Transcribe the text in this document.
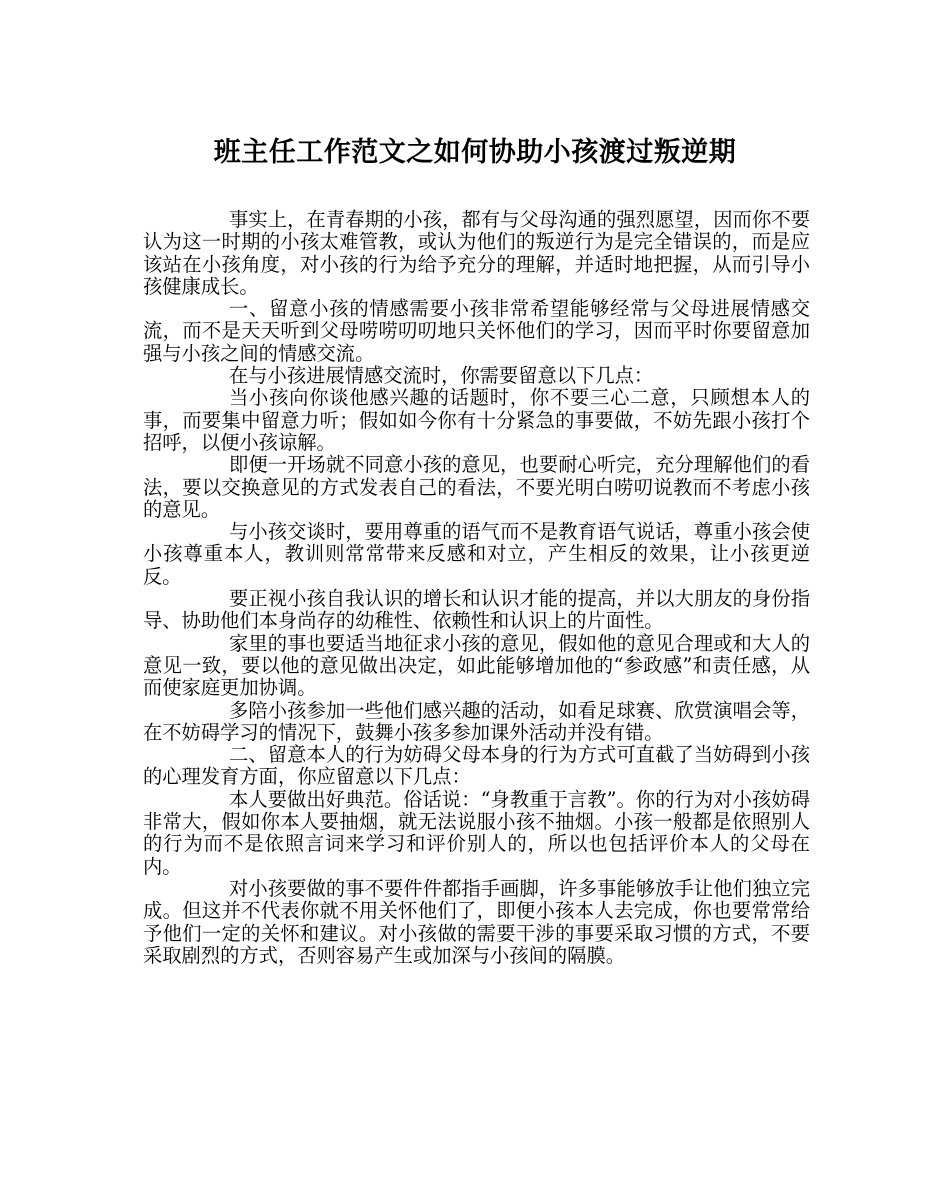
班主任工作范文之如何协助小孩渡过叛逆期

事实上，在青春期的小孩，都有与父母沟通的强烈愿望，因而你不要认为这一时期的小孩太难管教，或认为他们的叛逆行为是完全错误的，而是应该站在小孩角度，对小孩的行为给予充分的理解，并适时地把握，从而引导小孩健康成长。

一、留意小孩的情感需要小孩非常希望能够经常与父母进展情感交流，而不是天天听到父母唠唠叨叨地只关怀他们的学习，因而平时你要留意加强与小孩之间的情感交流。

在与小孩进展情感交流时，你需要留意以下几点：

当小孩向你谈他感兴趣的话题时，你不要三心二意，只顾想本人的事，而要集中留意力听；假如如今你有十分紧急的事要做，不妨先跟小孩打个招呼，以便小孩谅解。

即便一开场就不同意小孩的意见，也要耐心听完，充分理解他们的看法，要以交换意见的方式发表自己的看法，不要光明白唠叨说教而不考虑小孩的意见。

与小孩交谈时，要用尊重的语气而不是教育语气说话，尊重小孩会使小孩尊重本人，教训则常常带来反感和对立，产生相反的效果，让小孩更逆反。

要正视小孩自我认识的增长和认识才能的提高，并以大朋友的身份指导、协助他们本身尚存的幼稚性、依赖性和认识上的片面性。

家里的事也要适当地征求小孩的意见，假如他的意见合理或和大人的意见一致，要以他的意见做出决定，如此能够增加他的“参政感”和责任感，从而使家庭更加协调。

多陪小孩参加一些他们感兴趣的活动，如看足球赛、欣赏演唱会等，在不妨碍学习的情况下，鼓舞小孩多参加课外活动并没有错。

二、留意本人的行为妨碍父母本身的行为方式可直截了当妨碍到小孩的心理发育方面，你应留意以下几点：

本人要做出好典范。俗话说：“身教重于言教”。你的行为对小孩妨碍非常大，假如你本人要抽烟，就无法说服小孩不抽烟。小孩一般都是依照别人的行为而不是依照言词来学习和评价别人的，所以也包括评价本人的父母在内。

对小孩要做的事不要件件都指手画脚，许多事能够放手让他们独立完成。但这并不代表你就不用关怀他们了，即便小孩本人去完成，你也要常常给予他们一定的关怀和建议。对小孩做的需要干涉的事要采取习惯的方式，不要采取剧烈的方式，否则容易产生或加深与小孩间的隔膜。
